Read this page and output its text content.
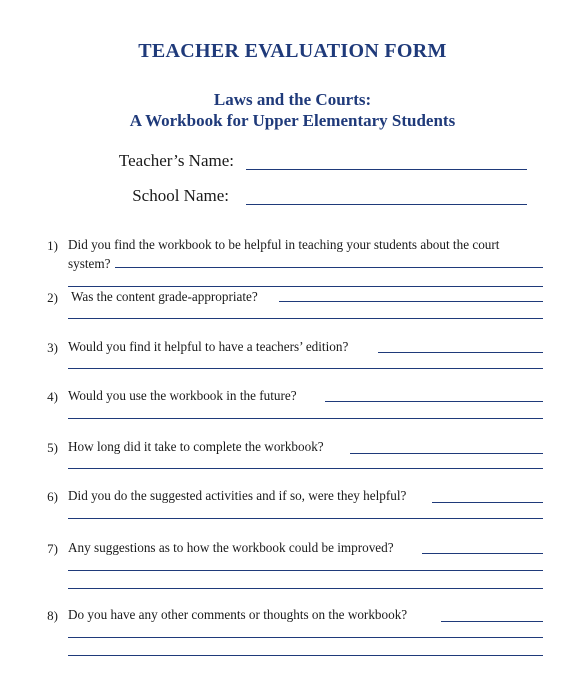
TEACHER EVALUATION FORM
Laws and the Courts:
A Workbook for Upper Elementary Students
Teacher’s Name:
School Name:
1) Did you find the workbook to be helpful in teaching your students about the court
system?
2) Was the content grade-appropriate?
3) Would you find it helpful to have a teachers’ edition?
4) Would you use the workbook in the future?
5) How long did it take to complete the workbook?
6) Did you do the suggested activities and if so, were they helpful?
7) Any suggestions as to how the workbook could be improved?
8) Do you have any other comments or thoughts on the workbook?
